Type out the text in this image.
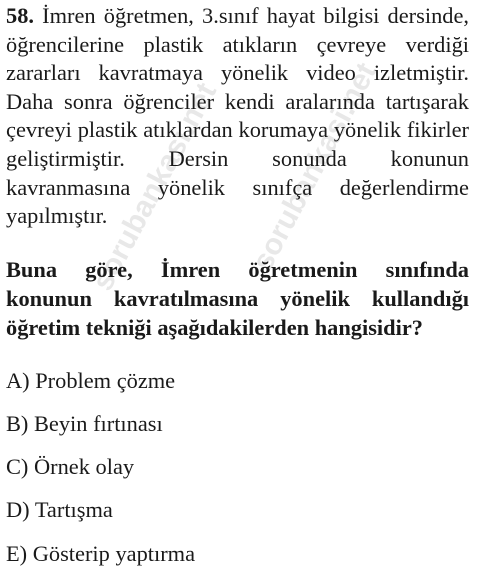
sorubankasi.net sorubankasi.net

58. İmren öğretmen, 3.sınıf hayat bilgisi dersinde, öğrencilerine plastik atıkların çevreye verdiği zararları kavratmaya yönelik video izletmiştir. Daha sonra öğrenciler kendi aralarında tartışarak çevreyi plastik atıklardan korumaya yönelik fikirler geliştirmiştir. Dersin sonunda konunun kavranmasına yönelik sınıfça değerlendirme yapılmıştır.

Buna göre, İmren öğretmenin sınıfında konunun kavratılmasına yönelik kullandığı öğretim tekniği aşağıdakilerden hangisidir?

A) Problem çözme
B) Beyin fırtınası
C) Örnek olay
D) Tartışma
E) Gösterip yaptırma
